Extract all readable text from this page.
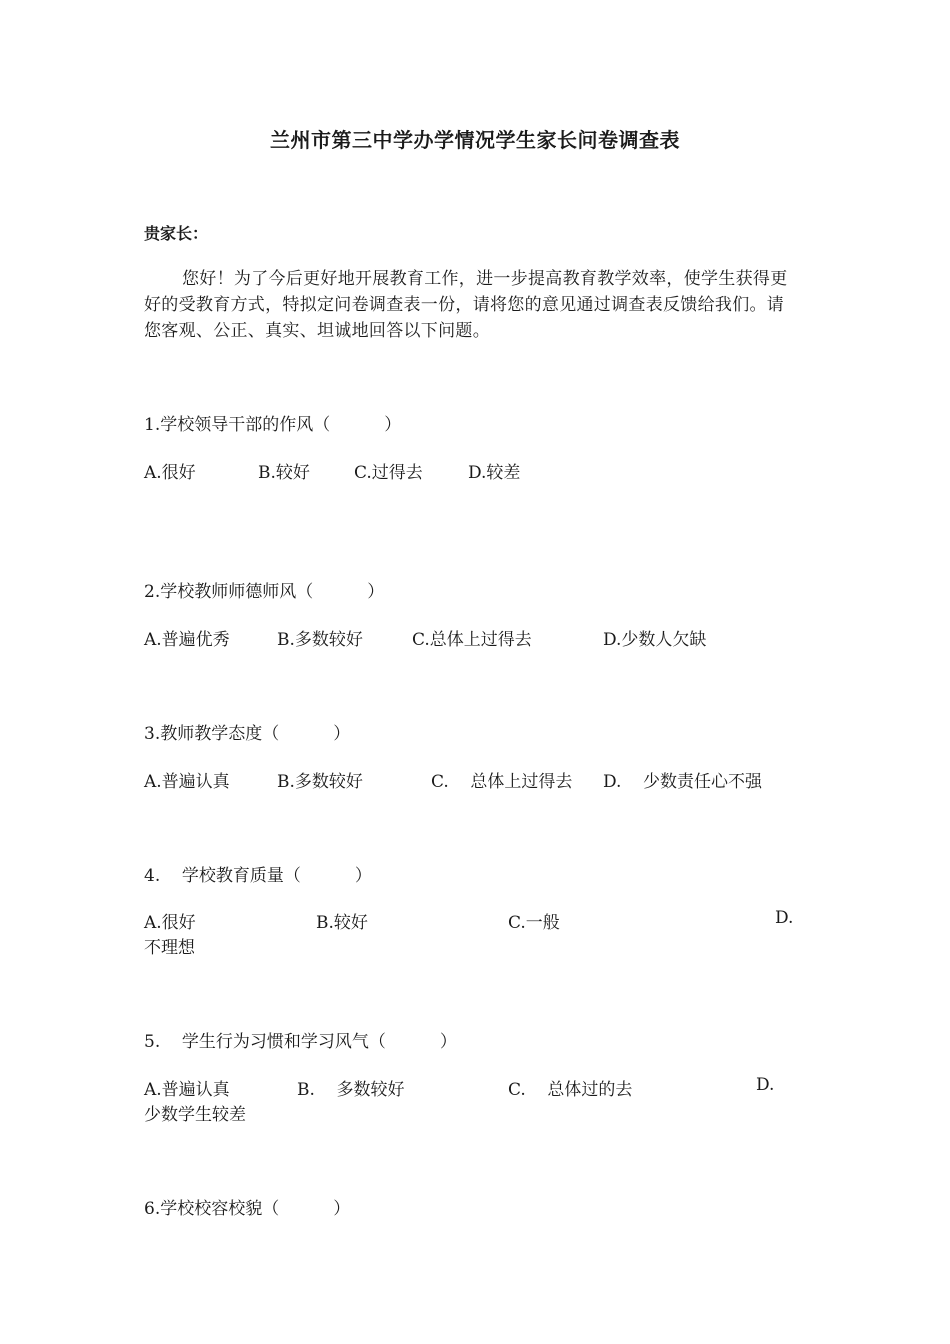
兰州市第三中学办学情况学生家长问卷调查表
贵家长：
您好！为了今后更好地开展教育工作，进一步提高教育教学效率，使学生获得更好的受教育方式，特拟定问卷调查表一份，请将您的意见通过调查表反馈给我们。请您客观、公正、真实、坦诚地回答以下问题。
1.学校领导干部的作风（          ）
A.很好	B.较好	C.过得去	D.较差
2.学校教师师德师风（          ）
A.普遍优秀	B.多数较好	C.总体上过得去	D.少数人欠缺
3.教师教学态度（          ）
A.普遍认真	B.多数较好	C.    总体上过得去 D.    少数责任心不强
4.    学校教育质量（          ）
A.很好	B.较好	C.一般	D.
不理想
5.    学生行为习惯和学习风气（          ）
A.普遍认真	B.    多数较好	C.    总体过的去	D.
少数学生较差
6.学校校容校貌（          ）
